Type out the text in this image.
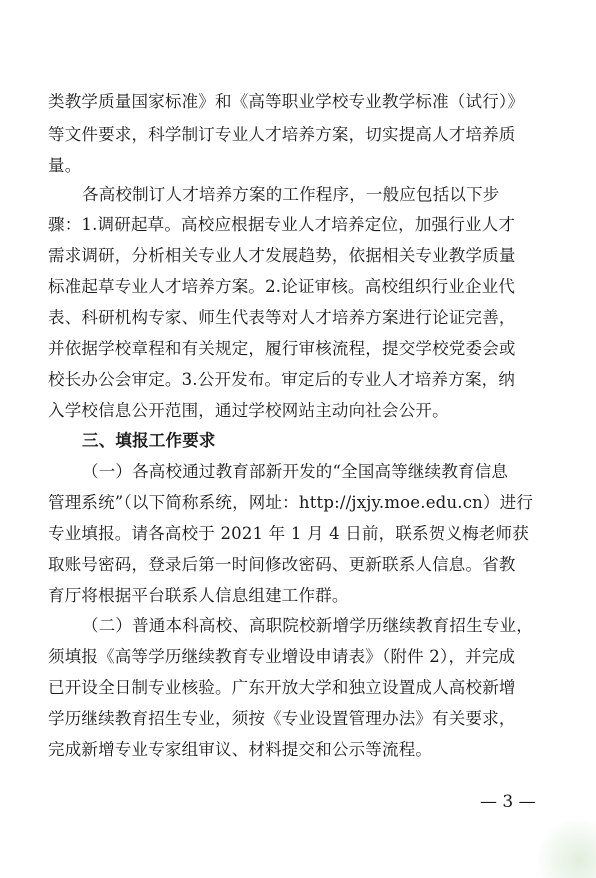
类教学质量国家标准》和《高等职业学校专业教学标准（试行）》
等文件要求，科学制订专业人才培养方案，切实提高人才培养质
量。
各高校制订人才培养方案的工作程序，一般应包括以下步
骤：1.调研起草。高校应根据专业人才培养定位，加强行业人才
需求调研，分析相关专业人才发展趋势，依据相关专业教学质量
标准起草专业人才培养方案。2.论证审核。高校组织行业企业代
表、科研机构专家、师生代表等对人才培养方案进行论证完善，
并依据学校章程和有关规定，履行审核流程，提交学校党委会或
校长办公会审定。3.公开发布。审定后的专业人才培养方案，纳
入学校信息公开范围，通过学校网站主动向社会公开。
三、填报工作要求
（一）各高校通过教育部新开发的“全国高等继续教育信息
管理系统”（以下简称系统，网址：http://jxjy.moe.edu.cn）进行
专业填报。请各高校于 2021 年 1 月 4 日前，联系贺义梅老师获
取账号密码，登录后第一时间修改密码、更新联系人信息。省教
育厅将根据平台联系人信息组建工作群。
（二）普通本科高校、高职院校新增学历继续教育招生专业，
须填报《高等学历继续教育专业增设申请表》（附件 2），并完成
已开设全日制专业核验。广东开放大学和独立设置成人高校新增
学历继续教育招生专业，须按《专业设置管理办法》有关要求，
完成新增专业专家组审议、材料提交和公示等流程。
— 3 —
